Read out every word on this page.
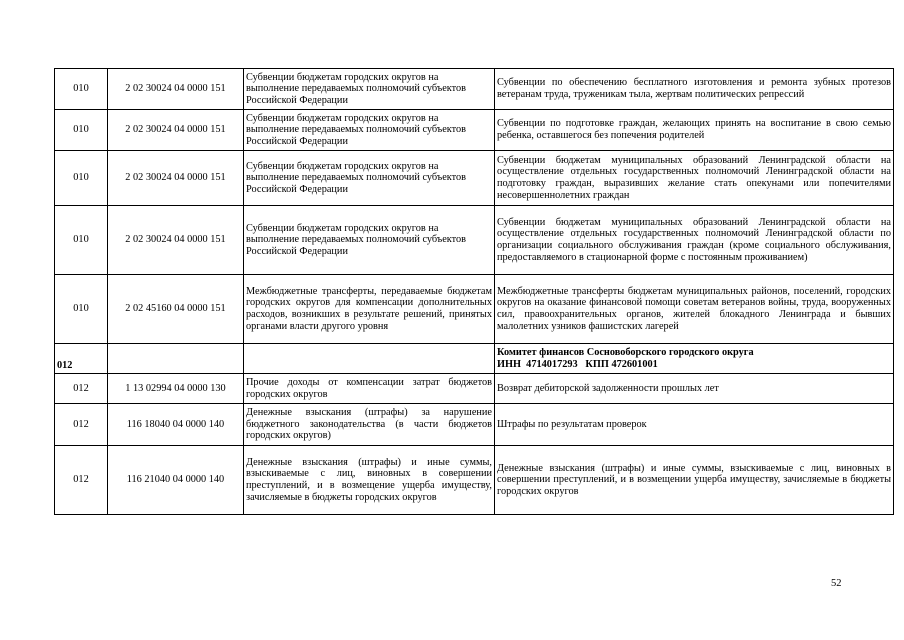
010	2 02 30024 04 0000 151	Субвенции бюджетам городских округов на выполнение передаваемых полномочий субъектов Российской Федерации	Субвенции по обеспечению бесплатного изготовления и ремонта зубных протезов ветеранам труда, труженикам тыла, жертвам политических репрессий
010	2 02 30024 04 0000 151	Субвенции бюджетам городских округов на выполнение передаваемых полномочий субъектов Российской Федерации	Субвенции по подготовке граждан, желающих принять на воспитание в свою семью ребенка, оставшегося без попечения родителей
010	2 02 30024 04 0000 151	Субвенции бюджетам городских округов на выполнение передаваемых полномочий субъектов Российской Федерации	Субвенции бюджетам муниципальных образований Ленинградской области на осуществление отдельных государственных полномочий Ленинградской области на подготовку граждан, выразивших желание стать опекунами или попечителями несовершеннолетних граждан
010	2 02 30024 04 0000 151	Субвенции бюджетам городских округов на выполнение передаваемых полномочий субъектов Российской Федерации	Субвенции бюджетам муниципальных образований Ленинградской области на осуществление отдельных государственных полномочий Ленинградской области по организации социального обслуживания граждан (кроме социального обслуживания, предоставляемого в стационарной форме с постоянным проживанием)
010	2 02 45160 04 0000 151	Межбюджетные трансферты, передаваемые бюджетам городских округов для компенсации дополнительных расходов, возникших в результате решений, принятых органами власти другого уровня	Межбюджетные трансферты бюджетам муниципальных районов, поселений, городских округов на оказание финансовой помощи советам ветеранов войны, труда, вооруженных сил, правоохранительных органов, жителей блокадного Ленинграда и бывших малолетних узников фашистских лагерей
012			Комитет финансов Сосновоборского городского округа
ИНН  4714017293   КПП 472601001

012	1 13 02994 04 0000 130	Прочие доходы от компенсации затрат бюджетов городских округов	Возврат дебиторской задолженности прошлых лет
012	116 18040 04 0000 140	Денежные взыскания (штрафы) за нарушение бюджетного законодательства (в части бюджетов городских округов)	Штрафы по результатам проверок
012	116 21040 04 0000 140	Денежные взыскания (штрафы) и иные суммы, взыскиваемые с лиц, виновных в совершении преступлений, и в возмещение ущерба имуществу, зачисляемые в бюджеты городских округов	Денежные взыскания (штрафы) и иные суммы, взыскиваемые с лиц, виновных в совершении преступлений, и в возмещении ущерба имуществу, зачисляемые в бюджеты городских округов
52
